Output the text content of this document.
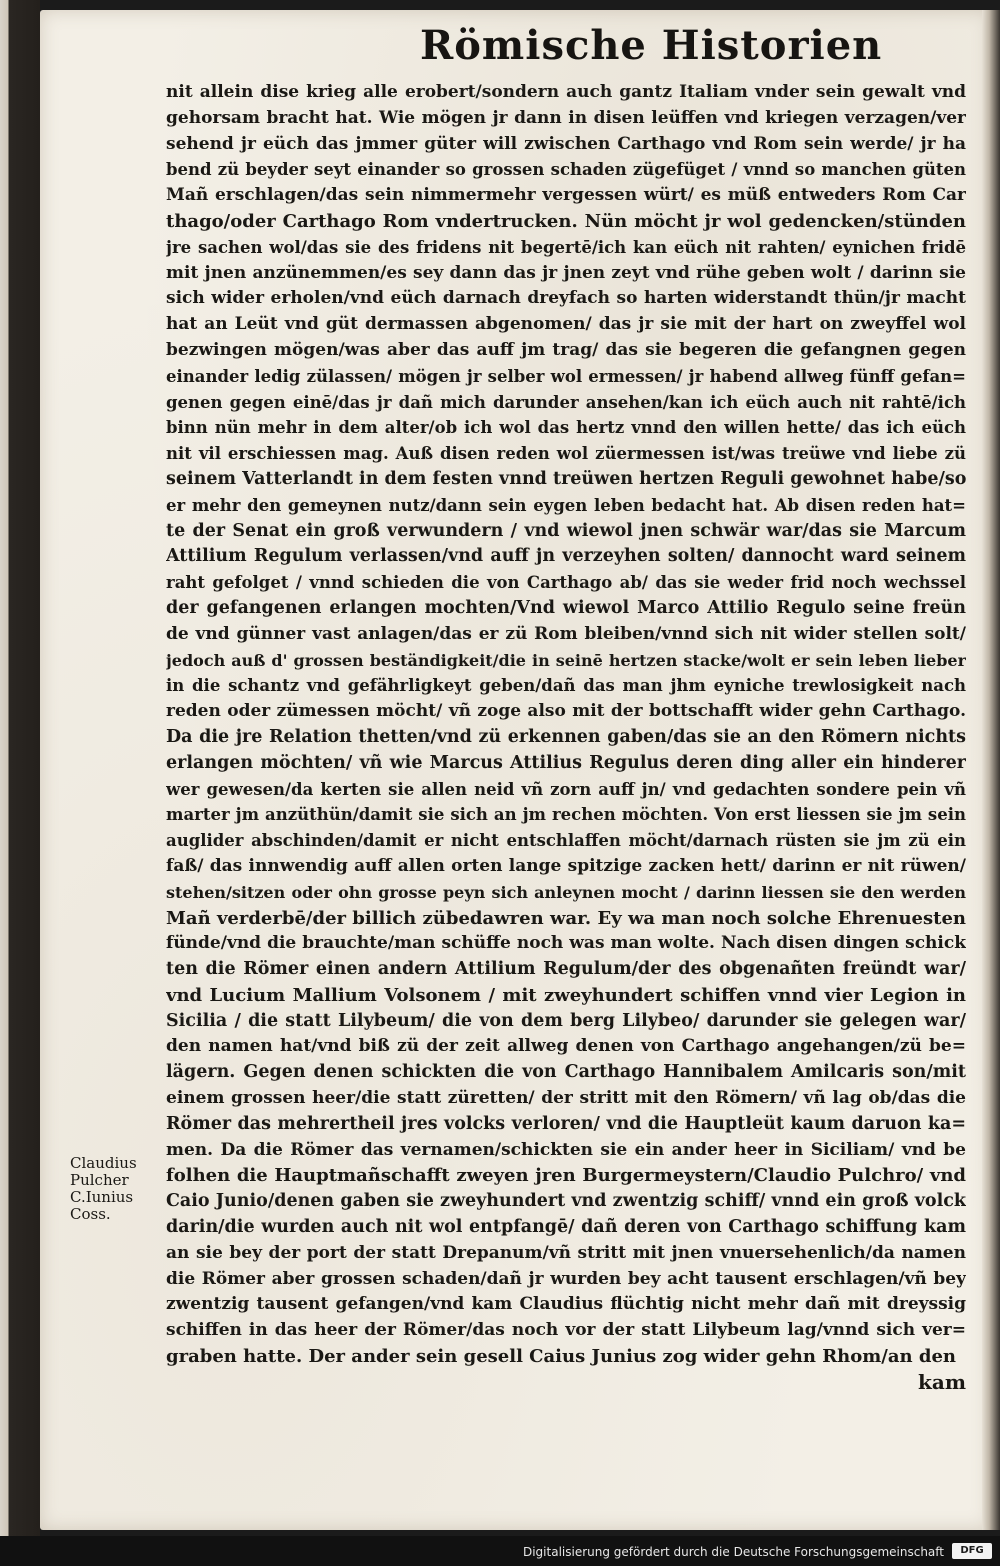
Römische Historien
Claudius
Pulcher
C.Iunius
Coss.
nit allein dise krieg alle erobert/sondern auch gantz Italiam vnder sein gewalt vnd
gehorsam bracht hat. Wie mögen jr dann in disen leüffen vnd kriegen verzagen/ver
sehend jr eüch das jmmer güter will zwischen Carthago vnd Rom sein werde/ jr ha
bend zü beyder seyt einander so grossen schaden zügefüget / vnnd so manchen güten
Mañ erschlagen/das sein nimmermehr vergessen würt/ es müß entweders Rom Car
thago/oder Carthago Rom vndertrucken. Nün möcht jr wol gedencken/stünden
jre sachen wol/das sie des fridens nit begertē/ich kan eüch nit rahten/ eynichen fridē
mit jnen anzünemmen/es sey dann das jr jnen zeyt vnd rühe geben wolt / darinn sie
sich wider erholen/vnd eüch darnach dreyfach so harten widerstandt thün/jr macht
hat an Leüt vnd güt dermassen abgenomen/ das jr sie mit der hart on zweyffel wol
bezwingen mögen/was aber das auff jm trag/ das sie begeren die gefangnen gegen
einander ledig zülassen/ mögen jr selber wol ermessen/ jr habend allweg fünff gefan=
genen gegen einē/das jr dañ mich darunder ansehen/kan ich eüch auch nit rahtē/ich
binn nün mehr in dem alter/ob ich wol das hertz vnnd den willen hette/ das ich eüch
nit vil erschiessen mag. Auß disen reden wol züermessen ist/was treüwe vnd liebe zü
seinem Vatterlandt in dem festen vnnd treüwen hertzen Reguli gewohnet habe/so
er mehr den gemeynen nutz/dann sein eygen leben bedacht hat. Ab disen reden hat=
te der Senat ein groß verwundern / vnd wiewol jnen schwär war/das sie Marcum
Attilium Regulum verlassen/vnd auff jn verzeyhen solten/ dannocht ward seinem
raht gefolget / vnnd schieden die von Carthago ab/ das sie weder frid noch wechssel
der gefangenen erlangen mochten/Vnd wiewol Marco Attilio Regulo seine freün
de vnd günner vast anlagen/das er zü Rom bleiben/vnnd sich nit wider stellen solt/
jedoch auß d' grossen beständigkeit/die in seinē hertzen stacke/wolt er sein leben lieber
in die schantz vnd gefährligkeyt geben/dañ das man jhm eyniche trewlosigkeit nach
reden oder zümessen möcht/ vñ zoge also mit der bottschafft wider gehn Carthago.
Da die jre Relation thetten/vnd zü erkennen gaben/das sie an den Römern nichts
erlangen möchten/ vñ wie Marcus Attilius Regulus deren ding aller ein hinderer
wer gewesen/da kerten sie allen neid vñ zorn auff jn/ vnd gedachten sondere pein vñ
marter jm anzüthün/damit sie sich an jm rechen möchten. Von erst liessen sie jm sein
auglider abschinden/damit er nicht entschlaffen möcht/darnach rüsten sie jm zü ein
faß/ das innwendig auff allen orten lange spitzige zacken hett/ darinn er nit rüwen/
stehen/sitzen oder ohn grosse peyn sich anleynen mocht / darinn liessen sie den werden
Mañ verderbē/der billich zübedawren war. Ey wa man noch solche Ehrenuesten
fünde/vnd die brauchte/man schüffe noch was man wolte. Nach disen dingen schick
ten die Römer einen andern Attilium Regulum/der des obgenañten freündt war/
vnd Lucium Mallium Volsonem / mit zweyhundert schiffen vnnd vier Legion in
Sicilia / die statt Lilybeum/ die von dem berg Lilybeo/ darunder sie gelegen war/
den namen hat/vnd biß zü der zeit allweg denen von Carthago angehangen/zü be=
lägern. Gegen denen schickten die von Carthago Hannibalem Amilcaris son/mit
einem grossen heer/die statt züretten/ der stritt mit den Römern/ vñ lag ob/das die
Römer das mehrertheil jres volcks verloren/ vnd die Hauptleüt kaum daruon ka=
men. Da die Römer das vernamen/schickten sie ein ander heer in Siciliam/ vnd be
folhen die Hauptmañschafft zweyen jren Burgermeystern/Claudio Pulchro/ vnd
Caio Junio/denen gaben sie zweyhundert vnd zwentzig schiff/ vnnd ein groß volck
darin/die wurden auch nit wol entpfangē/ dañ deren von Carthago schiffung kam
an sie bey der port der statt Drepanum/vñ stritt mit jnen vnuersehenlich/da namen
die Römer aber grossen schaden/dañ jr wurden bey acht tausent erschlagen/vñ bey
zwentzig tausent gefangen/vnd kam Claudius flüchtig nicht mehr dañ mit dreyssig
schiffen in das heer der Römer/das noch vor der statt Lilybeum lag/vnnd sich ver=
graben hatte. Der ander sein gesell Caius Junius zog wider gehn Rhom/an den
kam
Digitalisierung gefördert durch die Deutsche Forschungsgemeinschaft	DFG
